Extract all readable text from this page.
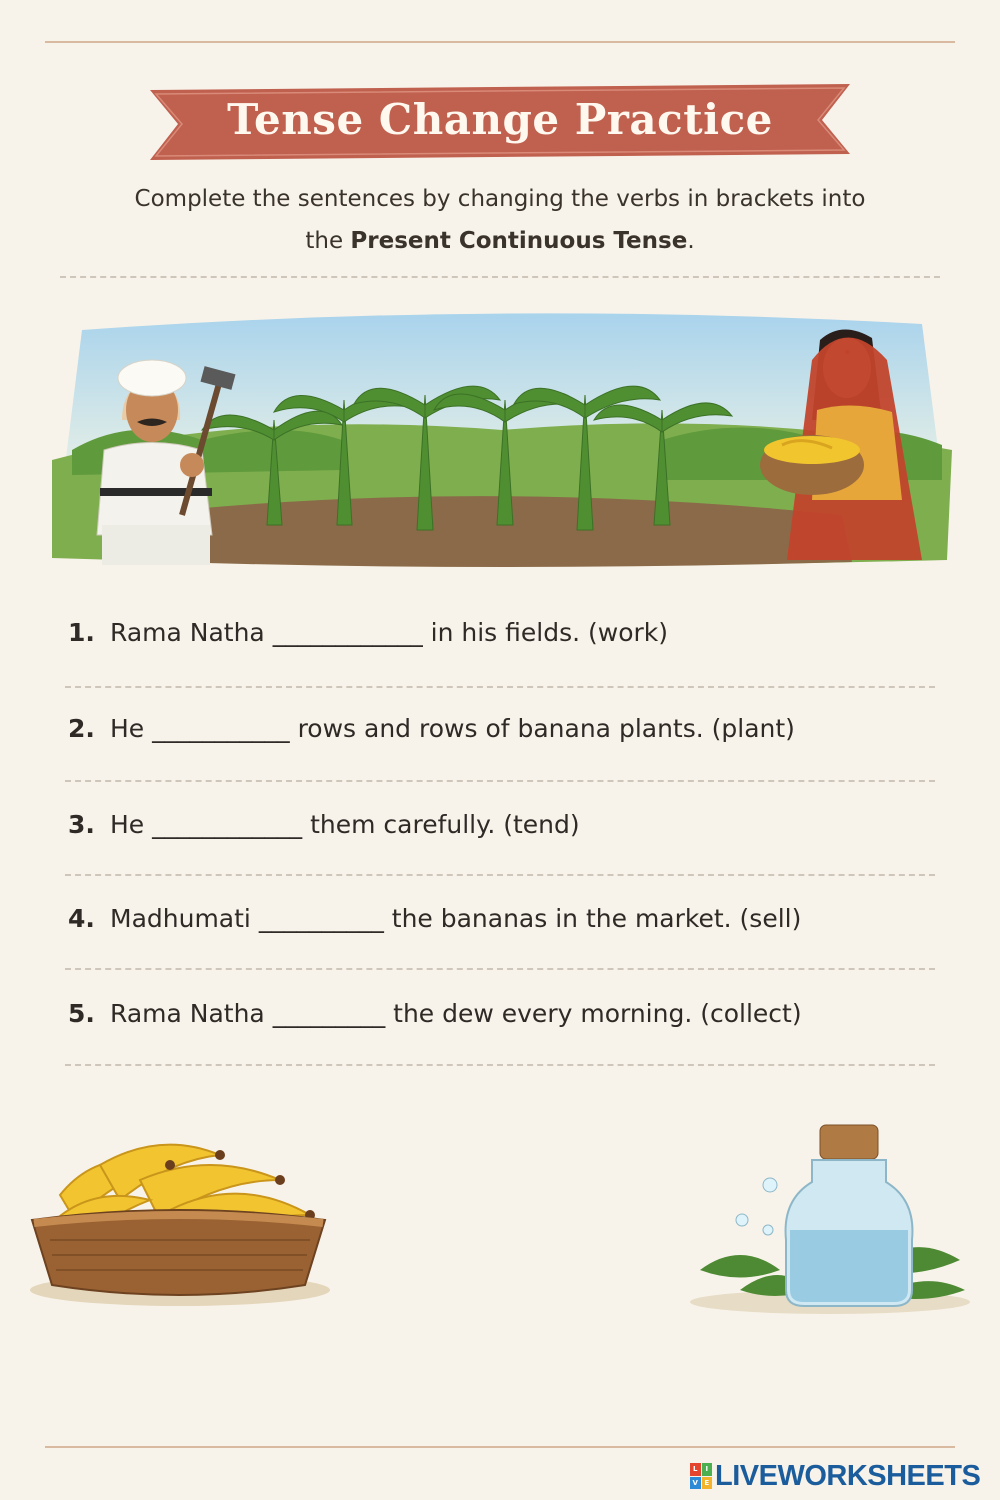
Tense Change Practice
Complete the sentences by changing the verbs in brackets into
the Present Continuous Tense.
1. Rama Natha ____________ in his fields. (work)
2. He ___________ rows and rows of banana plants. (plant)
3. He ____________ them carefully. (tend)
4. Madhumati __________ the bananas in the market. (sell)
5. Rama Natha _________ the dew every morning. (collect)
L	I
V E LIVEWORKSHEETS
